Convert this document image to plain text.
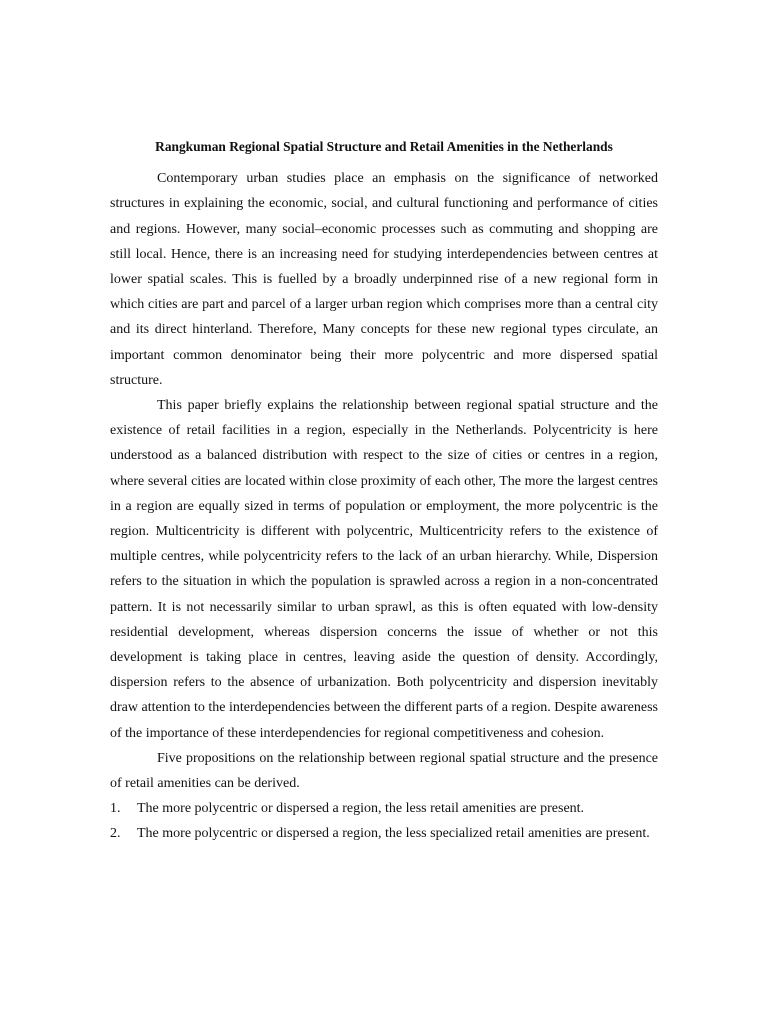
Rangkuman Regional Spatial Structure and Retail Amenities in the Netherlands

Contemporary urban studies place an emphasis on the significance of networked structures in explaining the economic, social, and cultural functioning and performance of cities and regions. However, many social–economic processes such as commuting and shopping are still local. Hence, there is an increasing need for studying interdependencies between centres at lower spatial scales. This is fuelled by a broadly underpinned rise of a new regional form in which cities are part and parcel of a larger urban region which comprises more than a central city and its direct hinterland. Therefore, Many concepts for these new regional types circulate, an important common denominator being their more polycentric and more dispersed spatial structure.

This paper briefly explains the relationship between regional spatial structure and the existence of retail facilities in a region, especially in the Netherlands. Polycentricity is here understood as a balanced distribution with respect to the size of cities or centres in a region, where several cities are located within close proximity of each other, The more the largest centres in a region are equally sized in terms of population or employment, the more polycentric is the region. Multicentricity is different with polycentric, Multicentricity refers to the existence of multiple centres, while polycentricity refers to the lack of an urban hierarchy. While, Dispersion refers to the situation in which the population is sprawled across a region in a non-concentrated pattern. It is not necessarily similar to urban sprawl, as this is often equated with low-density residential development, whereas dispersion concerns the issue of whether or not this development is taking place in centres, leaving aside the question of density. Accordingly, dispersion refers to the absence of urbanization. Both polycentricity and dispersion inevitably draw attention to the interdependencies between the different parts of a region. Despite awareness of the importance of these interdependencies for regional competitiveness and cohesion.

Five propositions on the relationship between regional spatial structure and the presence of retail amenities can be derived.

1. The more polycentric or dispersed a region, the less retail amenities are present.
2. The more polycentric or dispersed a region, the less specialized retail amenities are present.
